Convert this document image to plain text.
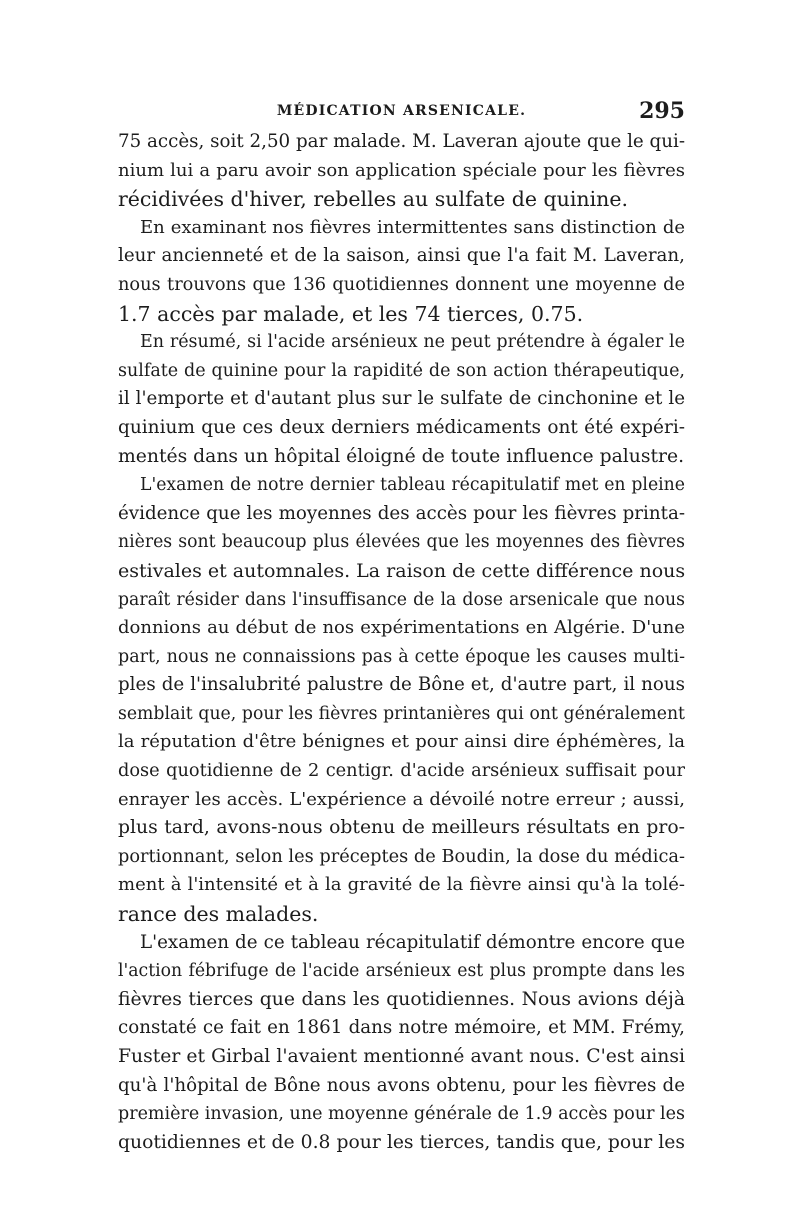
MÉDICATION ARSENICALE.	295
75 accès, soit 2,50 par malade. M. Laveran ajoute que le qui-
nium lui a paru avoir son application spéciale pour les fièvres
récidivées d'hiver, rebelles au sulfate de quinine.
En examinant nos fièvres intermittentes sans distinction de
leur ancienneté et de la saison, ainsi que l'a fait M. Laveran,
nous trouvons que 136 quotidiennes donnent une moyenne de
1.7 accès par malade, et les 74 tierces, 0.75.
En résumé, si l'acide arsénieux ne peut prétendre à égaler le
sulfate de quinine pour la rapidité de son action thérapeutique,
il l'emporte et d'autant plus sur le sulfate de cinchonine et le
quinium que ces deux derniers médicaments ont été expéri-
mentés dans un hôpital éloigné de toute influence palustre.
L'examen de notre dernier tableau récapitulatif met en pleine
évidence que les moyennes des accès pour les fièvres printa-
nières sont beaucoup plus élevées que les moyennes des fièvres
estivales et automnales. La raison de cette différence nous
paraît résider dans l'insuffisance de la dose arsenicale que nous
donnions au début de nos expérimentations en Algérie. D'une
part, nous ne connaissions pas à cette époque les causes multi-
ples de l'insalubrité palustre de Bône et, d'autre part, il nous
semblait que, pour les fièvres printanières qui ont généralement
la réputation d'être bénignes et pour ainsi dire éphémères, la
dose quotidienne de 2 centigr. d'acide arsénieux suffisait pour
enrayer les accès. L'expérience a dévoilé notre erreur ; aussi,
plus tard, avons-nous obtenu de meilleurs résultats en pro-
portionnant, selon les préceptes de Boudin, la dose du médica-
ment à l'intensité et à la gravité de la fièvre ainsi qu'à la tolé-
rance des malades.
L'examen de ce tableau récapitulatif démontre encore que
l'action fébrifuge de l'acide arsénieux est plus prompte dans les
fièvres tierces que dans les quotidiennes. Nous avions déjà
constaté ce fait en 1861 dans notre mémoire, et MM. Frémy,
Fuster et Girbal l'avaient mentionné avant nous. C'est ainsi
qu'à l'hôpital de Bône nous avons obtenu, pour les fièvres de
première invasion, une moyenne générale de 1.9 accès pour les
quotidiennes et de 0.8 pour les tierces, tandis que, pour les
